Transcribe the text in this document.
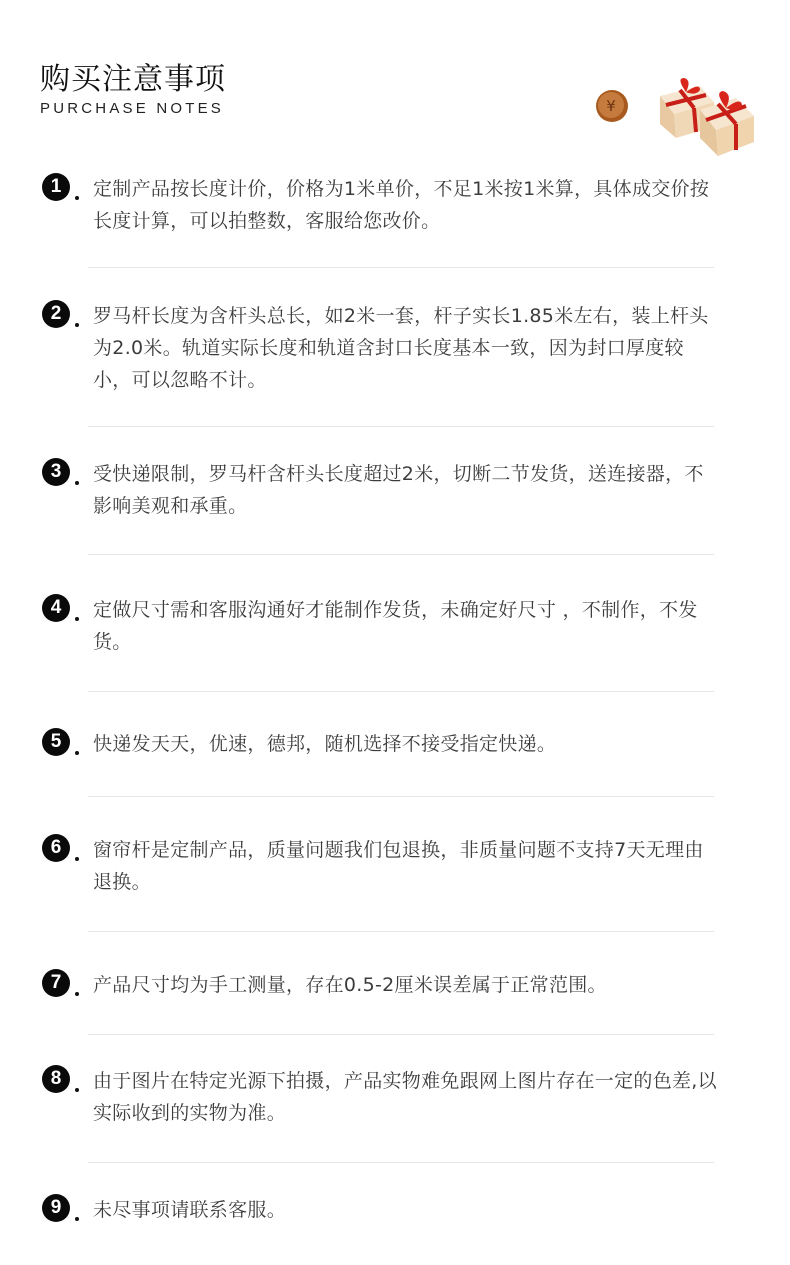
购买注意事项
PURCHASE NOTES	¥
1	定制产品按长度计价，价格为1米单价，不足1米按1米算，具体成交价按长度计算，可以拍整数，客服给您改价。
2	罗马杆长度为含杆头总长，如2米一套，杆子实长1.85米左右，装上杆头为2.0米。轨道实际长度和轨道含封口长度基本一致，因为封口厚度较小，可以忽略不计。
3	受快递限制，罗马杆含杆头长度超过2米，切断二节发货，送连接器，不影响美观和承重。
4	定做尺寸需和客服沟通好才能制作发货，未确定好尺寸 ，不制作，不发货。
5	快递发天天，优速，德邦，随机选择不接受指定快递。
6	窗帘杆是定制产品，质量问题我们包退换，非质量问题不支持7天无理由退换。
7	产品尺寸均为手工测量，存在0.5-2厘米误差属于正常范围。
8	由于图片在特定光源下拍摄，产品实物难免跟网上图片存在一定的色差,以实际收到的实物为准。
9	未尽事项请联系客服。
